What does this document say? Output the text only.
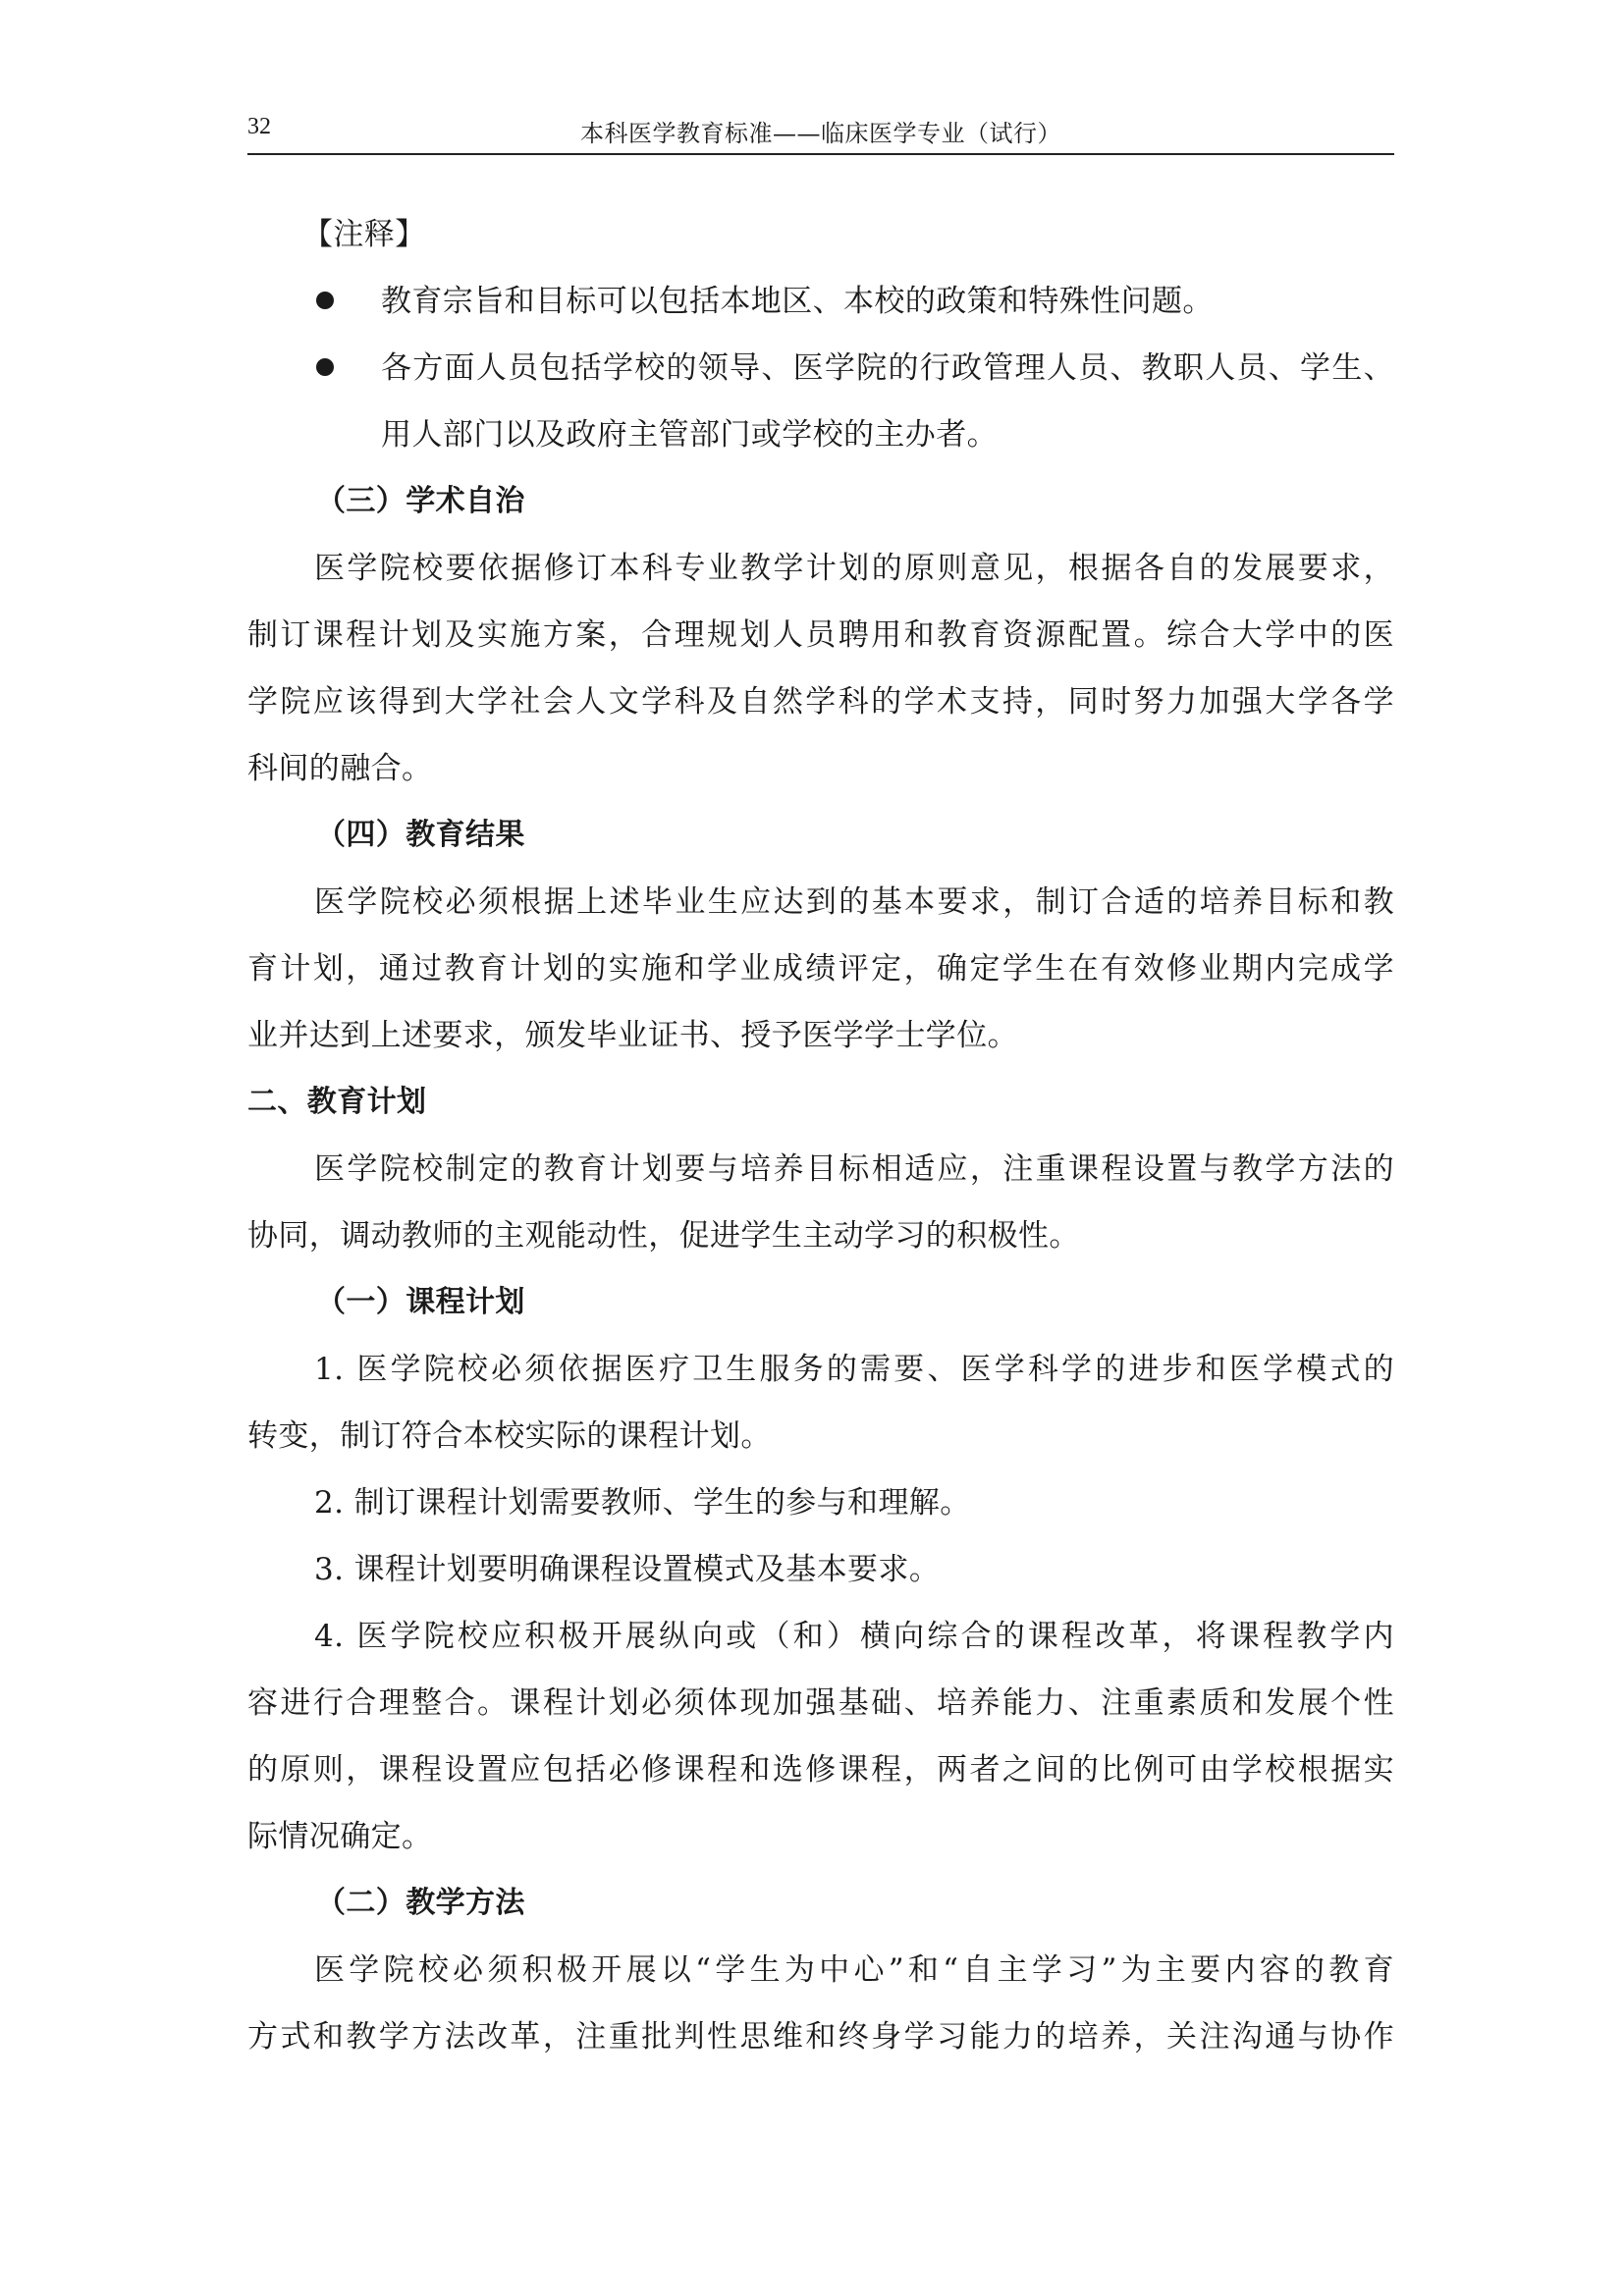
32	本科医学教育标准——临床医学专业（试行）
【注释】
教育宗旨和目标可以包括本地区、本校的政策和特殊性问题。
各方面人员包括学校的领导、医学院的行政管理人员、教职人员、学生、
用人部门以及政府主管部门或学校的主办者。
（三）学术自治
医学院校要依据修订本科专业教学计划的原则意见，根据各自的发展要求，
制订课程计划及实施方案，合理规划人员聘用和教育资源配置。综合大学中的医
学院应该得到大学社会人文学科及自然学科的学术支持，同时努力加强大学各学
科间的融合。
（四）教育结果
医学院校必须根据上述毕业生应达到的基本要求，制订合适的培养目标和教
育计划，通过教育计划的实施和学业成绩评定，确定学生在有效修业期内完成学
业并达到上述要求，颁发毕业证书、授予医学学士学位。
二、教育计划
医学院校制定的教育计划要与培养目标相适应，注重课程设置与教学方法的
协同，调动教师的主观能动性，促进学生主动学习的积极性。
（一）课程计划
1. 医学院校必须依据医疗卫生服务的需要、医学科学的进步和医学模式的
转变，制订符合本校实际的课程计划。
2. 制订课程计划需要教师、学生的参与和理解。
3. 课程计划要明确课程设置模式及基本要求。
4. 医学院校应积极开展纵向或（和）横向综合的课程改革，将课程教学内
容进行合理整合。课程计划必须体现加强基础、培养能力、注重素质和发展个性
的原则，课程设置应包括必修课程和选修课程，两者之间的比例可由学校根据实
际情况确定。
（二）教学方法
医学院校必须积极开展以“学生为中心”和“自主学习”为主要内容的教育
方式和教学方法改革，注重批判性思维和终身学习能力的培养，关注沟通与协作
